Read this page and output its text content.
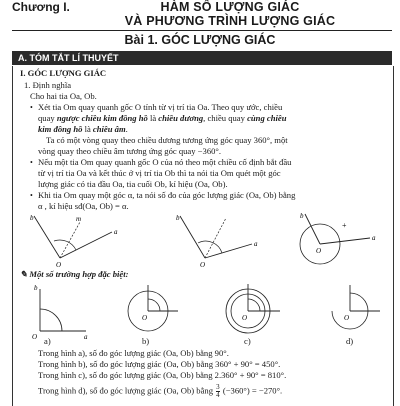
Chương I.	HÀM SỐ LƯỢNG GIÁC
VÀ PHƯƠNG TRÌNH LƯỢNG GIÁC
Bài 1. GÓC LƯỢNG GIÁC
A. TÓM TẮT LÍ THUYẾT
I. GÓC LƯỢNG GIÁC
1. Định nghĩa
Cho hai tia Oa, Ob.
• Xét tia Om quay quanh gốc O tính từ vị trí tia Oa. Theo quy ước, chiều
quay ngược chiều kim đồng hồ là chiều dương, chiều quay cùng chiều
kim đồng hồ là chiều âm.
Ta có một vòng quay theo chiều dương tương ứng góc quay 360°, một
vòng quay theo chiều âm tương ứng góc quay −360°.
• Nếu một tia Om quay quanh gốc O của nó theo một chiều cố định bắt đầu
từ vị trí tia Oa và kết thúc ở vị trí tia Ob thì ta nói tia Om quét một góc
lượng giác có tia đầu Oa, tia cuối Ob, kí hiệu (Oa, Ob).
• Khi tia Om quay một góc α, ta nói số đo của góc lượng giác (Oa, Ob) bằng
α , kí hiệu sđ(Oa, Ob) = α.
O
b
a
m
O
b
a
O
b
a
+
✎ Một số trường hợp đặc biệt:
O	a
b
O	O	O
a)	b)	c)	d)
Trong hình a), số đo góc lượng giác (Oa, Ob) bằng 90°.
Trong hình b), số đo góc lượng giác (Oa, Ob) bằng 360° + 90° = 450°.
Trong hình c), số đo góc lượng giác (Oa, Ob) bằng 2.360° + 90° = 810°.
Trong hình d), số đo góc lượng giác (Oa, Ob) bằng $\frac{3}{4} (-360^\circ) = -270^\circ$.
